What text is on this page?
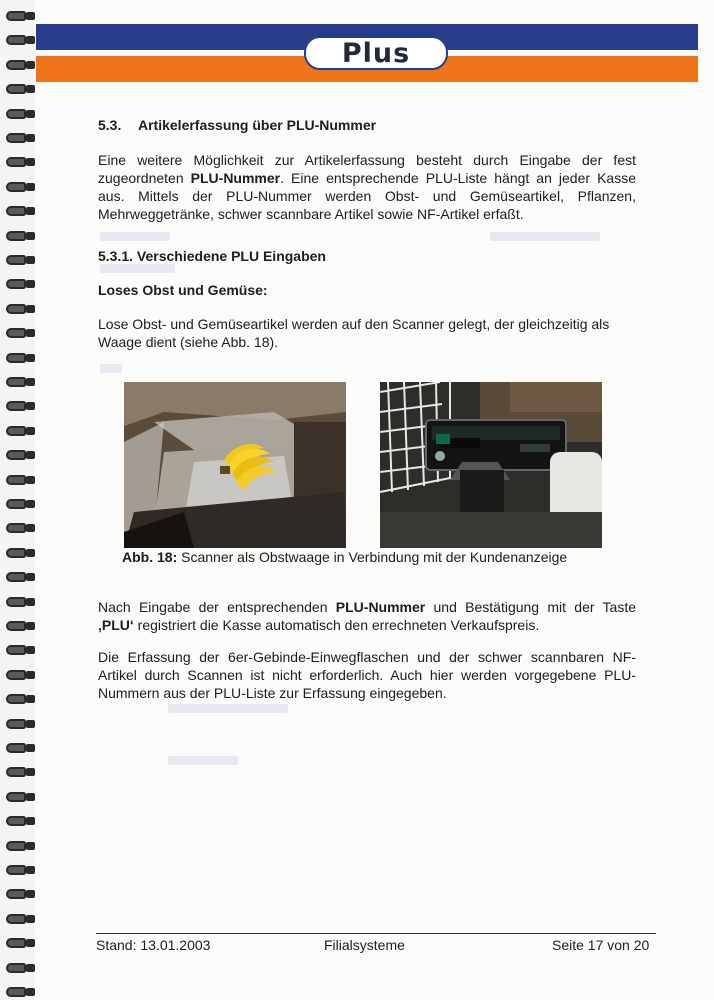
Plus
5.3. Artikelerfassung über PLU-Nummer

Eine weitere Möglichkeit zur Artikelerfassung besteht durch Eingabe der fest zugeordneten PLU-Nummer. Eine entsprechende PLU-Liste hängt an jeder Kasse aus. Mittels der PLU-Nummer werden Obst- und Gemüseartikel, Pflanzen, Mehrweggetränke, schwer scannbare Artikel sowie NF-Artikel erfaßt.

5.3.1. Verschiedene PLU Eingaben
Loses Obst und Gemüse:

Lose Obst- und Gemüseartikel werden auf den Scanner gelegt, der gleichzeitig als Waage dient (siehe Abb. 18).

Abb. 18: Scanner als Obstwaage in Verbindung mit der Kundenanzeige

Nach Eingabe der entsprechenden PLU-Nummer und Bestätigung mit der Taste ‚PLU‘ registriert die Kasse automatisch den errechneten Verkaufspreis.

Die Erfassung der 6er-Gebinde-Einwegflaschen und der schwer scannbaren NF-Artikel durch Scannen ist nicht erforderlich. Auch hier werden vorgegebene PLU-Nummern aus der PLU-Liste zur Erfassung eingegeben.

Stand: 13.01.2003	Filialsysteme	Seite 17 von 20
